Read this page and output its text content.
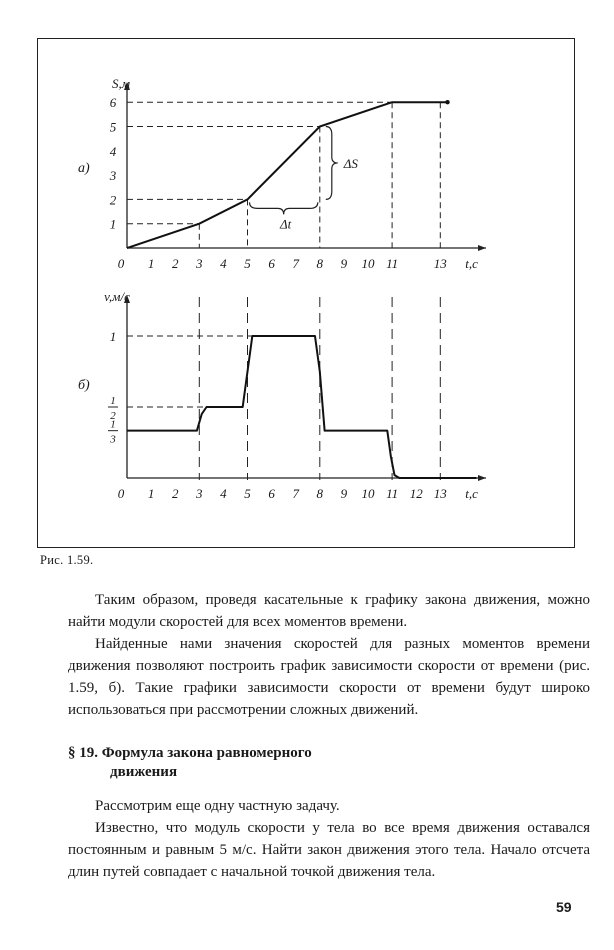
0 1 2 3 4 5 6 7 8 9 10 11	13 t,c
1
2
3
4
5
6
S,м
а)	ΔS
Δt
0 1 2 3 4 5 6 7 8 9 10 11 12 13 t,c
v,м/с
1
3
1
2
1
б)
Рис. 1.59.

Таким образом, проведя касательные к графику закона движения, можно найти модули скоростей для всех моментов времени.

Найденные нами значения скоростей для разных моментов времени движения позволяют построить график зависимости скорости от времени (рис. 1.59, б). Такие графики зависимости скорости от времени будут широко использоваться при рассмотрении сложных движений.

§ 19. Формула закона равномерного
движения

Рассмотрим еще одну частную задачу.

Известно, что модуль скорости у тела во все время движения оставался постоянным и равным 5 м/с. Найти закон движения этого тела. Начало отсчета длин путей совпадает с начальной точкой движения тела.

59
